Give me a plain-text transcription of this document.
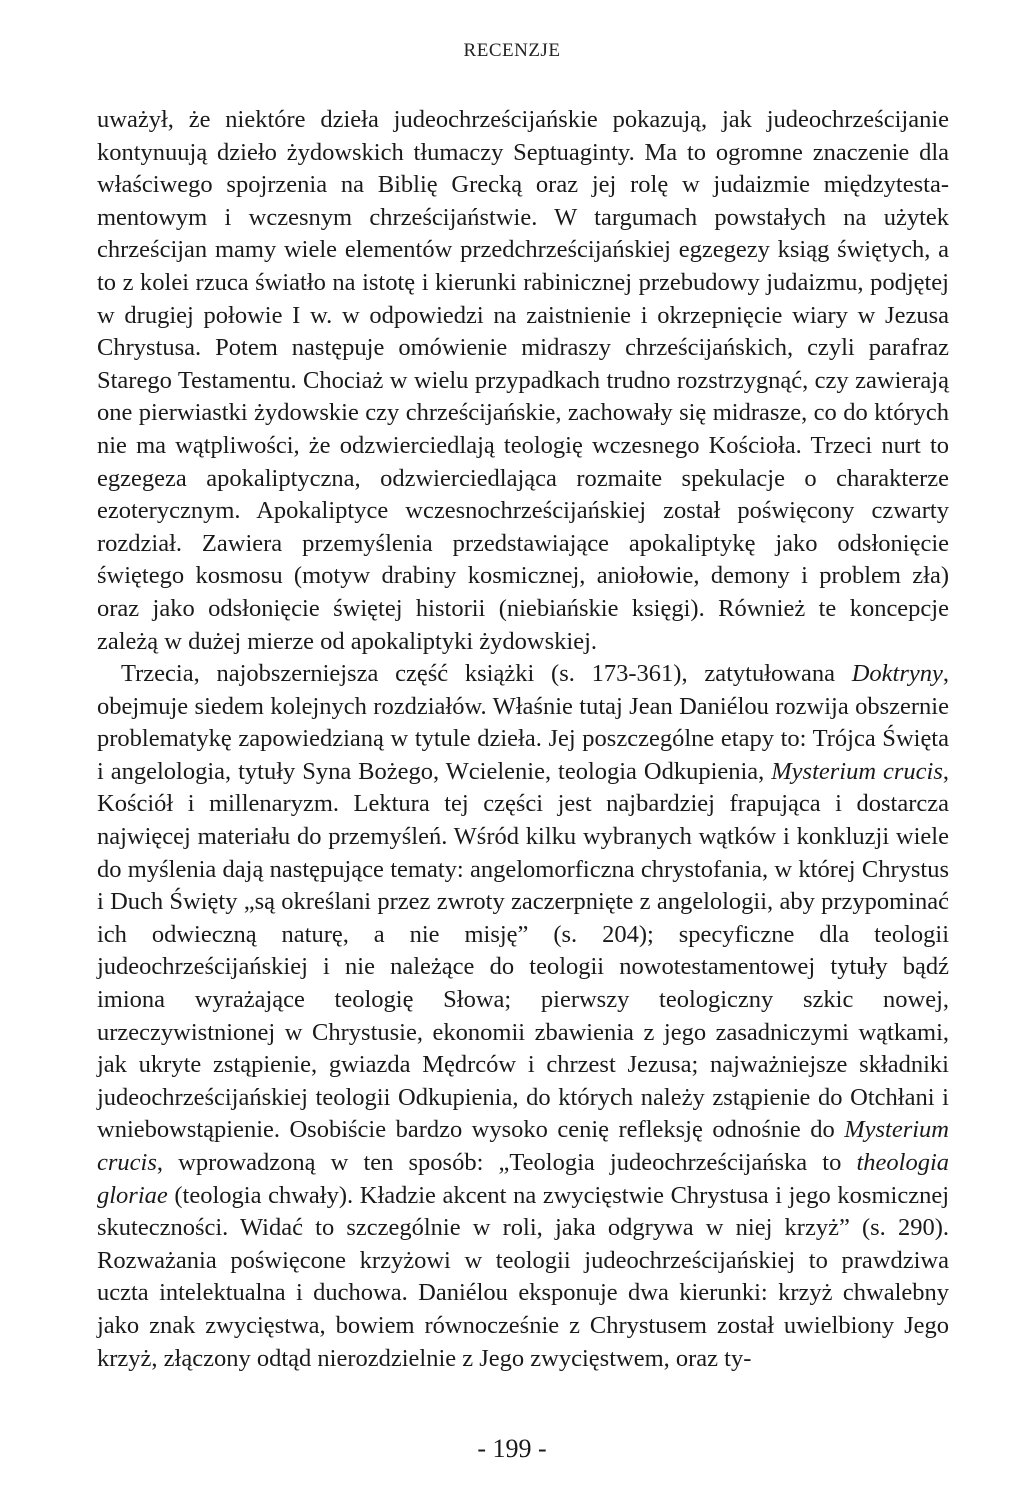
RECENZJE

uważył, że niektóre dzieła judeochrześcijańskie pokazują, jak judeochrześcijanie kontynuują dzieło żydowskich tłumaczy Septuaginty. Ma to ogromne znaczenie dla właściwego spojrzenia na Biblię Grecką oraz jej rolę w judaizmie międzytestamentowym i wczesnym chrześcijaństwie. W targumach powstałych na użytek chrześcijan mamy wiele elementów przedchrześcijańskiej egzegezy ksiąg świętych, a to z kolei rzuca światło na istotę i kierunki rabinicznej przebudowy judaizmu, podjętej w drugiej połowie I w. w odpowiedzi na zaistnienie i okrzepnięcie wiary w Jezusa Chrystusa. Potem następuje omówienie midraszy chrześcijańskich, czyli parafraz Starego Testamentu. Chociaż w wielu przypadkach trudno rozstrzygnąć, czy zawierają one pierwiastki żydowskie czy chrześcijańskie, zachowały się midrasze, co do których nie ma wątpliwości, że odzwierciedlają teologię wczesnego Kościoła. Trzeci nurt to egzegeza apokaliptyczna, odzwierciedlająca rozmaite spekulacje o charakterze ezoterycznym. Apokaliptyce wczesnochrześcijańskiej został poświęcony czwarty rozdział. Zawiera przemyślenia przedstawiające apokaliptykę jako odsłonięcie świętego kosmosu (motyw drabiny kosmicznej, aniołowie, demony i problem zła) oraz jako odsłonięcie świętej historii (niebiańskie księgi). Również te koncepcje zależą w dużej mierze od apokaliptyki żydowskiej.

Trzecia, najobszerniejsza część książki (s. 173-361), zatytułowana Doktryny, obejmuje siedem kolejnych rozdziałów. Właśnie tutaj Jean Daniélou rozwija obszernie problematykę zapowiedzianą w tytule dzieła. Jej poszczególne etapy to: Trójca Święta i angelologia, tytuły Syna Bożego, Wcielenie, teologia Odkupienia, Mysterium crucis, Kościół i millenaryzm. Lektura tej części jest najbardziej frapująca i dostarcza najwięcej materiału do przemyśleń. Wśród kilku wybranych wątków i konkluzji wiele do myślenia dają następujące tematy: angelomorficzna chrystofania, w której Chrystus i Duch Święty „są określani przez zwroty zaczerpnięte z angelologii, aby przypominać ich odwieczną naturę, a nie misję” (s. 204); specyficzne dla teologii judeochrześcijańskiej i nie należące do teologii nowotestamentowej tytuły bądź imiona wyrażające teologię Słowa; pierwszy teologiczny szkic nowej, urzeczywistnionej w Chrystusie, ekonomii zbawienia z jego zasadniczymi wątkami, jak ukryte zstąpienie, gwiazda Mędrców i chrzest Jezusa; najważniejsze składniki judeochrześcijańskiej teologii Odkupienia, do których należy zstąpienie do Otchłani i wniebowstąpienie. Osobiście bardzo wysoko cenię refleksję odnośnie do Mysterium crucis, wprowadzoną w ten sposób: „Teologia judeochrześcijańska to theologia gloriae (teologia chwały). Kładzie akcent na zwycięstwie Chrystusa i jego kosmicznej skuteczności. Widać to szczególnie w roli, jaka odgrywa w niej krzyż” (s. 290). Rozważania poświęcone krzyżowi w teologii judeochrześcijańskiej to prawdziwa uczta intelektualna i duchowa. Daniélou eksponuje dwa kierunki: krzyż chwalebny jako znak zwycięstwa, bowiem równocześnie z Chrystusem został uwielbiony Jego krzyż, złączony odtąd nierozdzielnie z Jego zwycięstwem, oraz ty-

- 199 -
